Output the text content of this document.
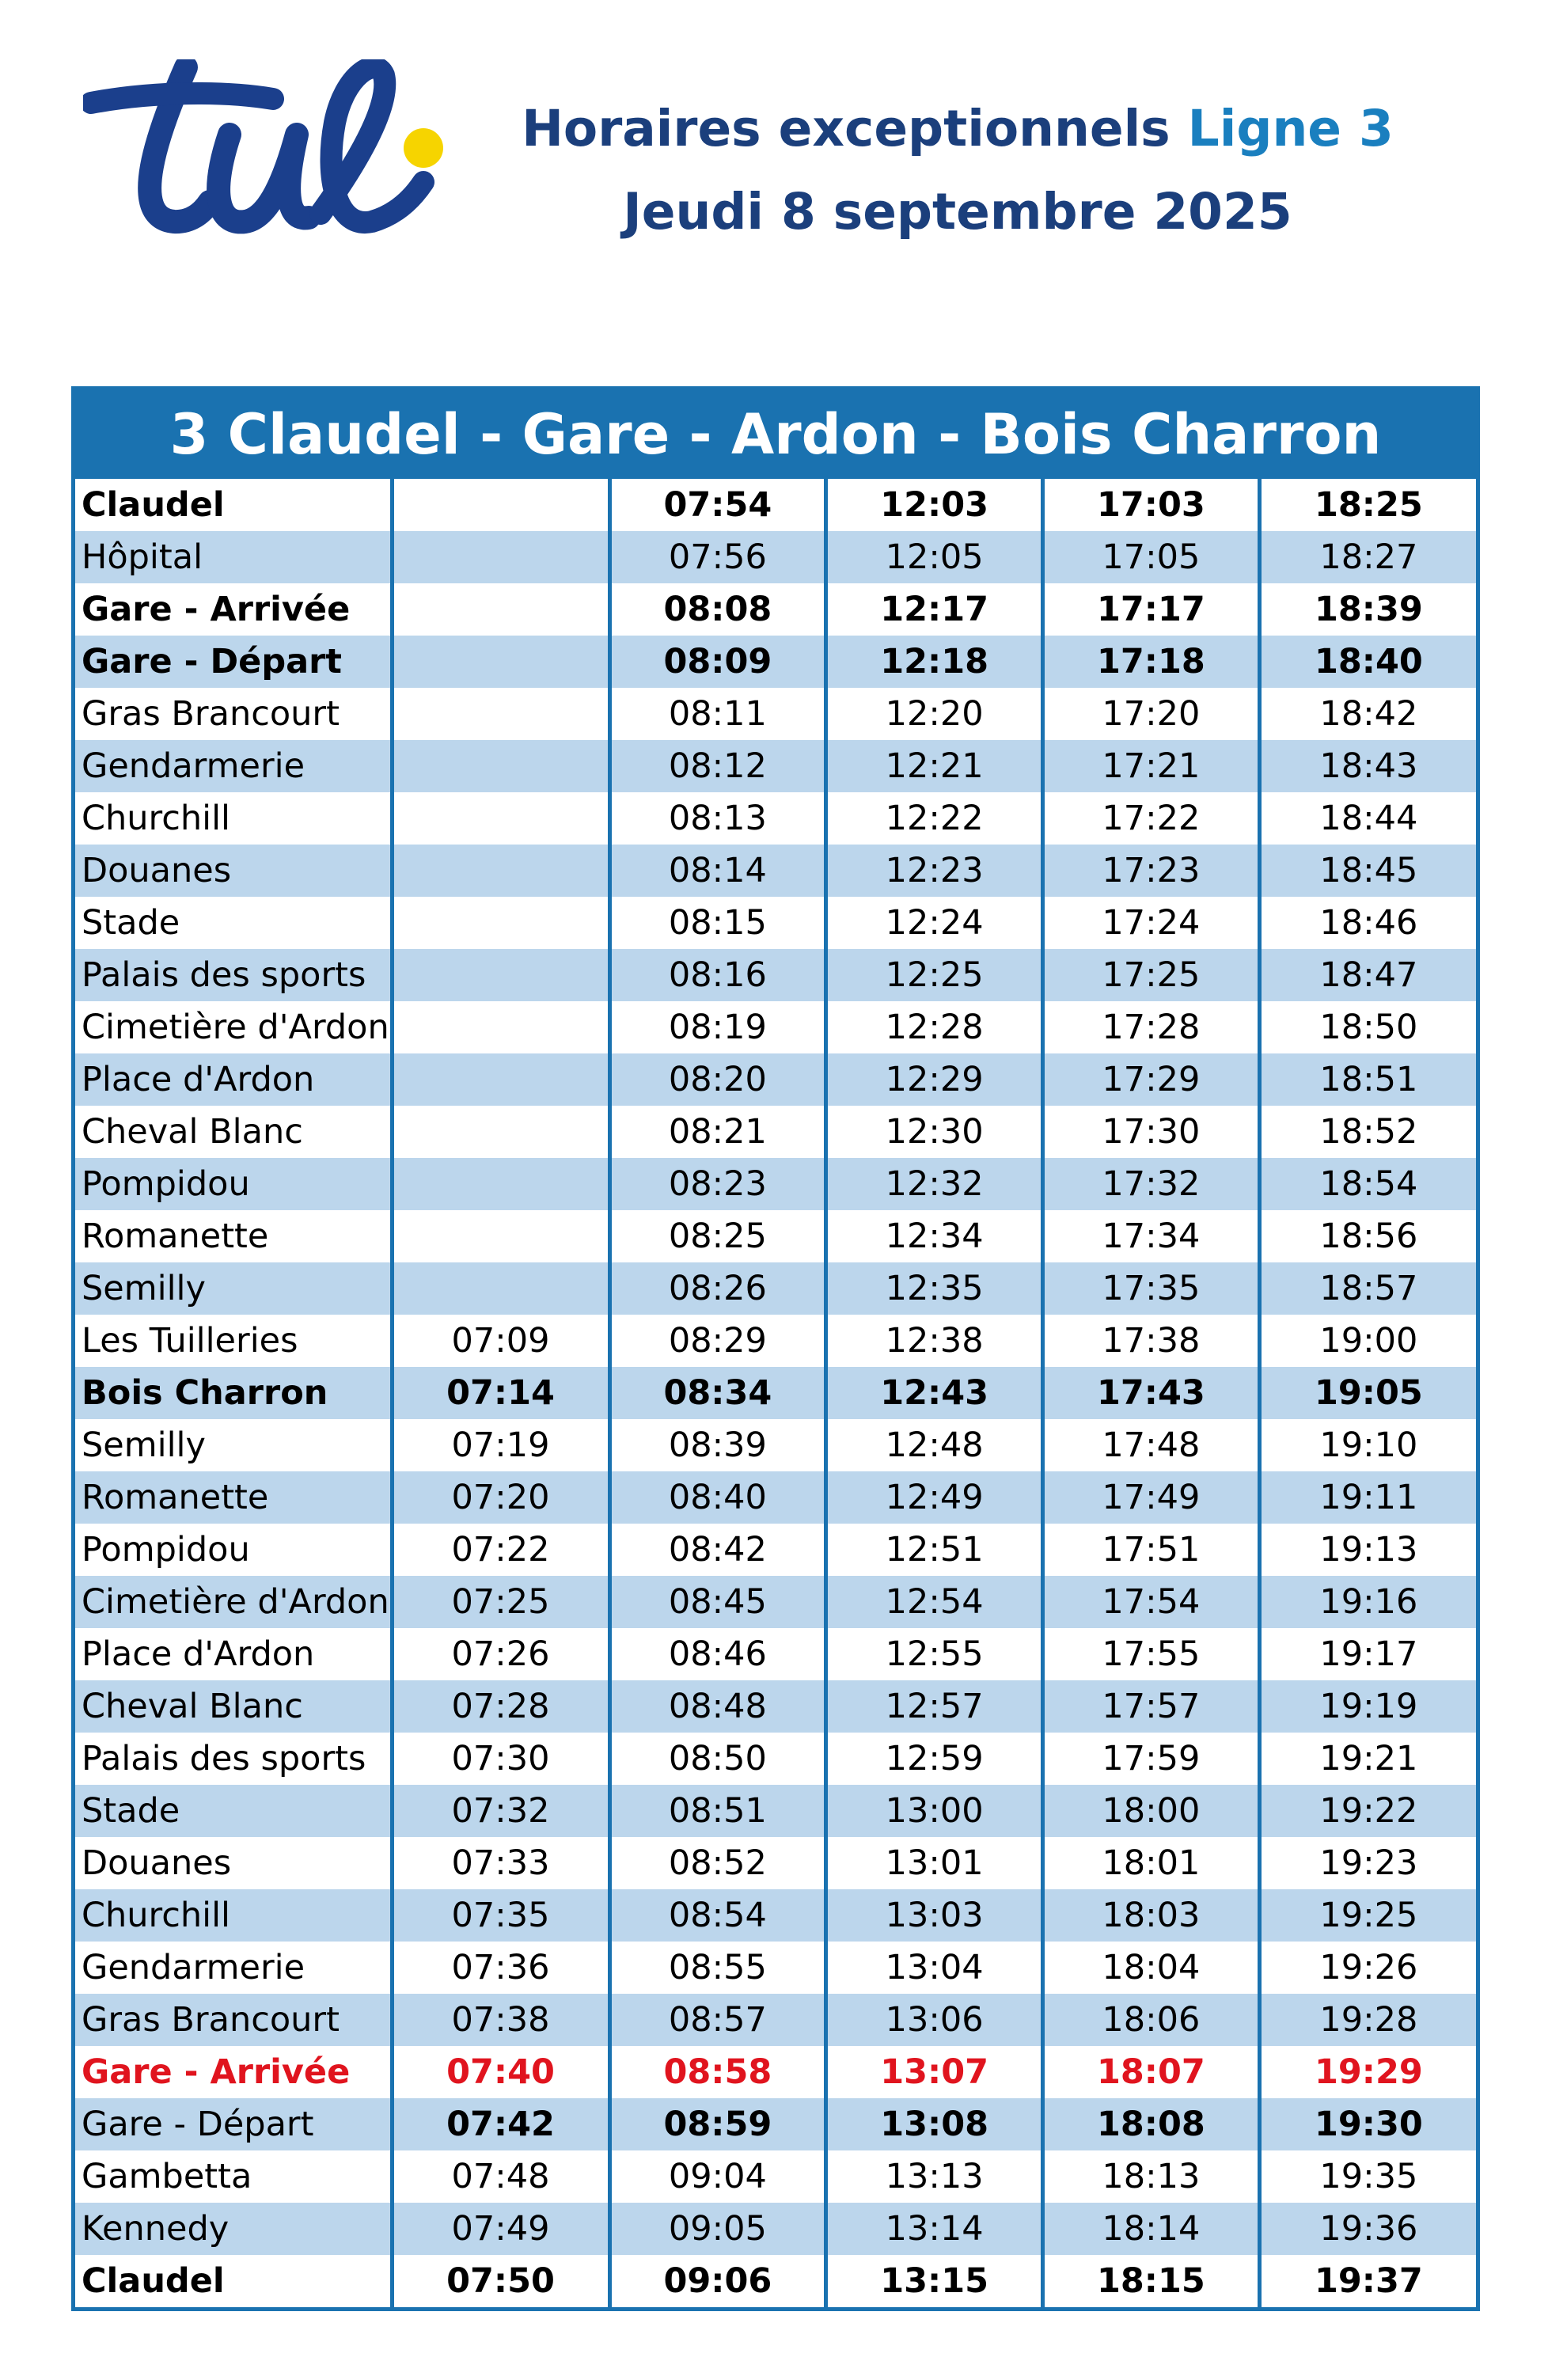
Horaires exceptionnels Ligne 3
Jeudi 8 septembre 2025
3 Claudel - Gare - Ardon - Bois Charron
Claudel		07:54	12:03	17:03	18:25
Hôpital		07:56	12:05	17:05	18:27
Gare - Arrivée		08:08	12:17	17:17	18:39
Gare - Départ		08:09	12:18	17:18	18:40
Gras Brancourt		08:11	12:20	17:20	18:42
Gendarmerie		08:12	12:21	17:21	18:43
Churchill		08:13	12:22	17:22	18:44
Douanes		08:14	12:23	17:23	18:45
Stade		08:15	12:24	17:24	18:46
Palais des sports		08:16	12:25	17:25	18:47
Cimetière d'Ardon		08:19	12:28	17:28	18:50
Place d'Ardon		08:20	12:29	17:29	18:51
Cheval Blanc		08:21	12:30	17:30	18:52
Pompidou		08:23	12:32	17:32	18:54
Romanette		08:25	12:34	17:34	18:56
Semilly		08:26	12:35	17:35	18:57
Les Tuilleries	07:09	08:29	12:38	17:38	19:00
Bois Charron	07:14	08:34	12:43	17:43	19:05
Semilly	07:19	08:39	12:48	17:48	19:10
Romanette	07:20	08:40	12:49	17:49	19:11
Pompidou	07:22	08:42	12:51	17:51	19:13
Cimetière d'Ardon	07:25	08:45	12:54	17:54	19:16
Place d'Ardon	07:26	08:46	12:55	17:55	19:17
Cheval Blanc	07:28	08:48	12:57	17:57	19:19
Palais des sports	07:30	08:50	12:59	17:59	19:21
Stade	07:32	08:51	13:00	18:00	19:22
Douanes	07:33	08:52	13:01	18:01	19:23
Churchill	07:35	08:54	13:03	18:03	19:25
Gendarmerie	07:36	08:55	13:04	18:04	19:26
Gras Brancourt	07:38	08:57	13:06	18:06	19:28
Gare - Arrivée	07:40	08:58	13:07	18:07	19:29
Gare - Départ	07:42	08:59	13:08	18:08	19:30
Gambetta	07:48	09:04	13:13	18:13	19:35
Kennedy	07:49	09:05	13:14	18:14	19:36
Claudel	07:50	09:06	13:15	18:15	19:37
